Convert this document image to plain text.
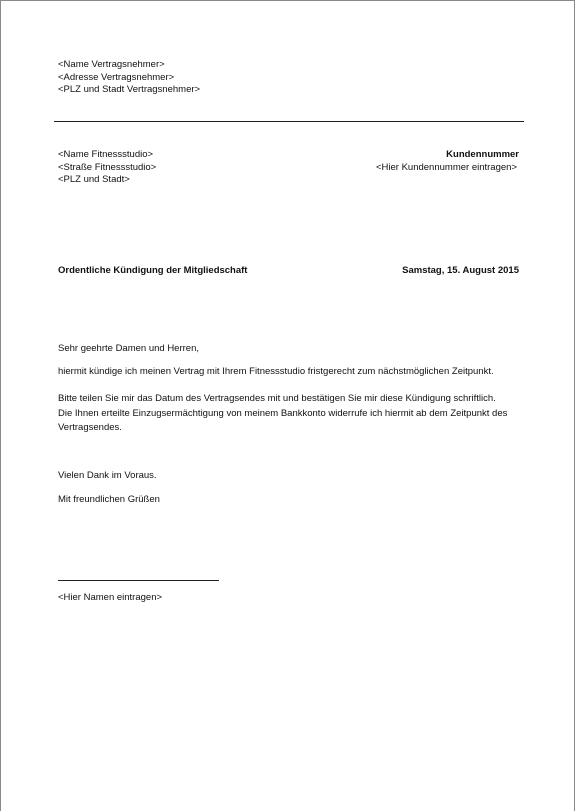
<Name Vertragsnehmer>

<Adresse Vertragsnehmer>

<PLZ und Stadt Vertragsnehmer>

<Name Fitnessstudio>

<Straße Fitnessstudio>

<PLZ und Stadt>

Kundennummer
<Hier Kundennummer eintragen>
Ordentliche Kündigung der Mitgliedschaft	Samstag, 15. August 2015
Sehr geehrte Damen und Herren,
hiermit kündige ich meinen Vertrag mit Ihrem Fitnessstudio fristgerecht zum nächstmöglichen Zeitpunkt.

Bitte teilen Sie mir das Datum des Vertragsendes mit und bestätigen Sie mir diese Kündigung schriftlich.

Die Ihnen erteilte Einzugsermächtigung von meinem Bankkonto widerrufe ich hiermit ab dem Zeitpunkt des

Vertragsendes.

Vielen Dank im Voraus.
Mit freundlichen Grüßen
<Hier Namen eintragen>
